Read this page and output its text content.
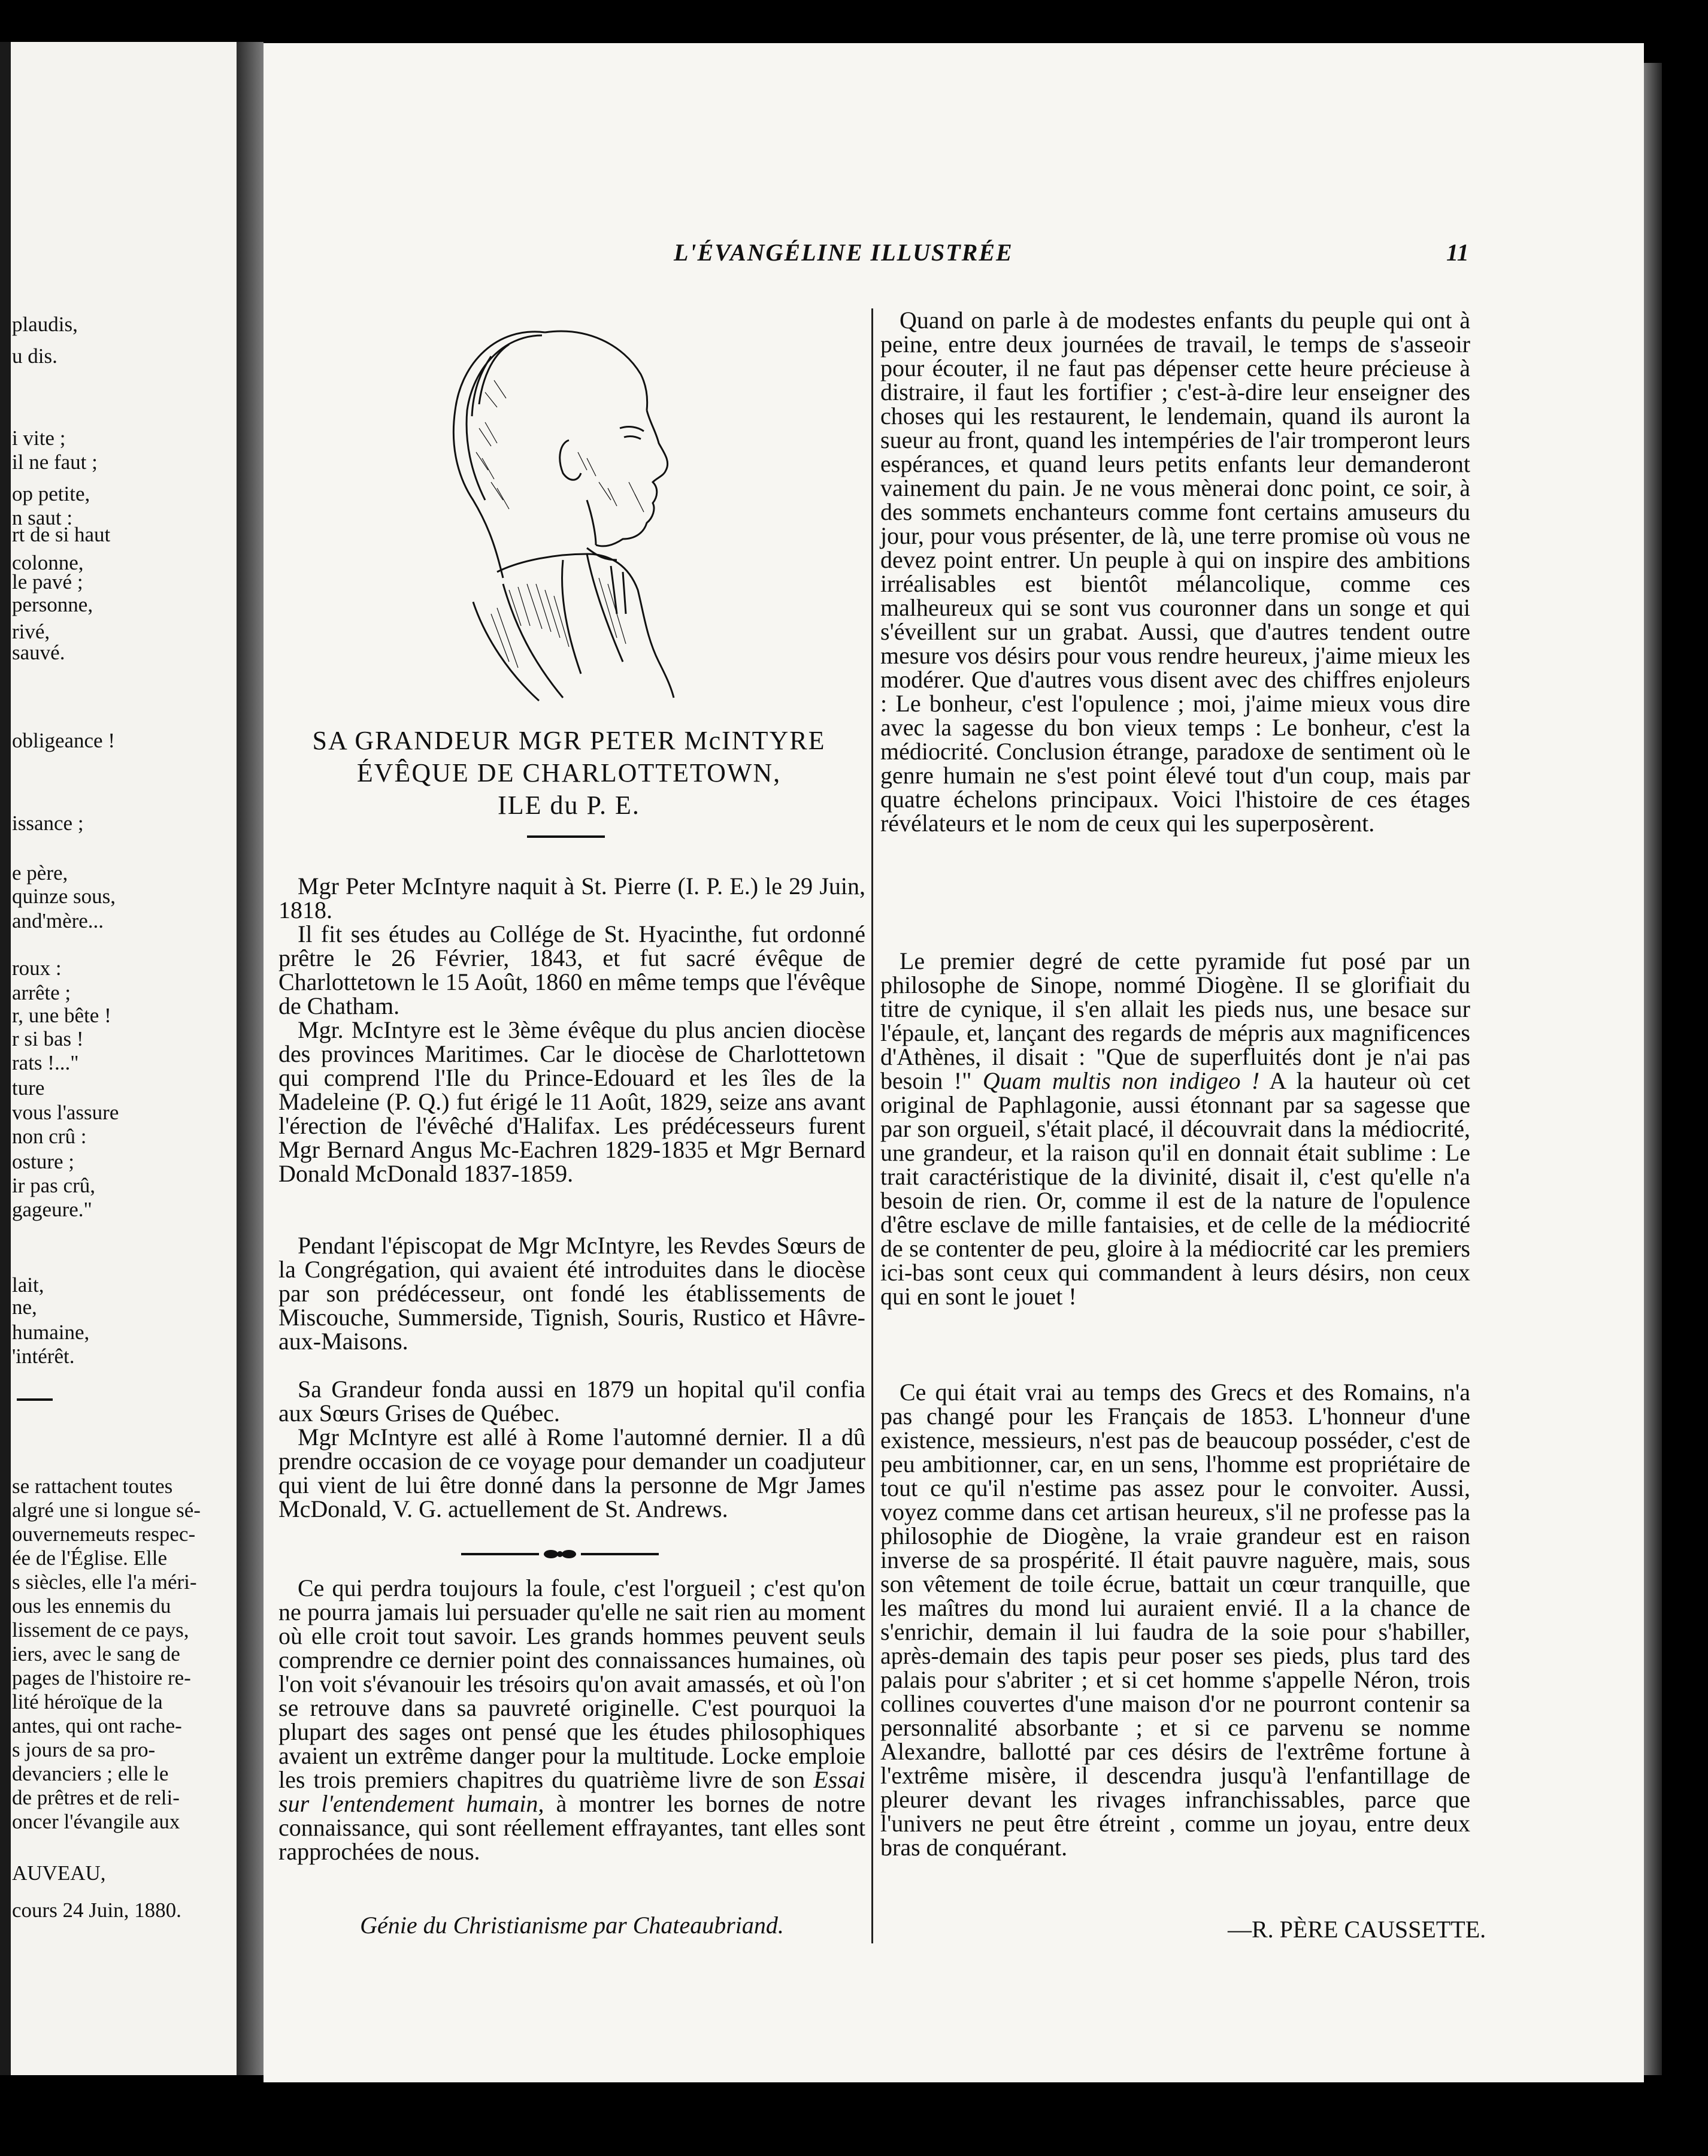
plaudis,
u dis.
i vite ;
il ne faut ;
op petite,
n saut :
rt de si haut
colonne,
le pavé ;
personne,
rivé,
sauvé.
obligeance !
issance ;
e père,
quinze sous,
and'mère...
roux :
arrête ;
r, une bête !
r si bas !
rats !..."
ture
vous l'assure
non crû :
osture ;
ir pas crû,
gageure."
lait,
ne,
humaine,
'intérêt.
se rattachent toutes
algré une si longue sé-
ouvernemeuts respec-
ée de l'Église. Elle
s siècles, elle l'a méri-
ous les ennemis du
lissement de ce pays,
iers, avec le sang de
pages de l'histoire re-
lité héroïque de la
antes, qui ont rache-
s jours de sa pro-
devanciers ; elle le
de prêtres et de reli-
oncer l'évangile aux
AUVEAU,
cours 24 Juin, 1880.
L'ÉVANGÉLINE ILLUSTRÉE	11
SA GRANDEUR MGR PETER McINTYRE
ÉVÊQUE DE CHARLOTTETOWN,
ILE du P. E.
Mgr Peter McIntyre naquit à St. Pierre (I. P. E.) le 29 Juin, 1818.
Il fit ses études au Collége de St. Hyacinthe, fut ordonné prêtre le 26 Février, 1843, et fut sacré évêque de Charlottetown le 15 Août, 1860 en même temps que l'évêque de Chatham.
Mgr. McIntyre est le 3ème évêque du plus ancien diocèse des provinces Maritimes. Car le diocèse de Charlottetown qui comprend l'Ile du Prince-Edouard et les îles de la Madeleine (P. Q.) fut érigé le 11 Août, 1829, seize ans avant l'érection de l'évêché d'Halifax. Les prédécesseurs furent Mgr Bernard Angus Mc-Eachren 1829-1835 et Mgr Bernard Donald McDonald 1837-1859.
Pendant l'épiscopat de Mgr McIntyre, les Revdes Sœurs de la Congrégation, qui avaient été introduites dans le diocèse par son prédécesseur, ont fondé les établissements de Miscouche, Summerside, Tignish, Souris, Rustico et Hâvre-aux-Maisons.
Sa Grandeur fonda aussi en 1879 un hopital qu'il confia aux Sœurs Grises de Québec.
Mgr McIntyre est allé à Rome l'automné dernier. Il a dû prendre occasion de ce voyage pour demander un coadjuteur qui vient de lui être donné dans la personne de Mgr James McDonald, V. G. actuellement de St. Andrews.
Ce qui perdra toujours la foule, c'est l'orgueil ; c'est qu'on ne pourra jamais lui persuader qu'elle ne sait rien au moment où elle croit tout savoir. Les grands hommes peuvent seuls comprendre ce dernier point des connaissances humaines, où l'on voit s'évanouir les trésoirs qu'on avait amassés, et où l'on se retrouve dans sa pauvreté originelle. C'est pourquoi la plupart des sages ont pensé que les études philosophiques avaient un extrême danger pour la multitude. Locke emploie les trois premiers chapitres du quatrième livre de son Essai sur l'entendement humain, à montrer les bornes de notre connaissance, qui sont réellement effrayantes, tant elles sont rapprochées de nous.
Génie du Christianisme par Chateaubriand.
Quand on parle à de modestes enfants du peuple qui ont à peine, entre deux journées de travail, le temps de s'asseoir pour écouter, il ne faut pas dépenser cette heure précieuse à distraire, il faut les fortifier ; c'est-à-dire leur enseigner des choses qui les restaurent, le lendemain, quand ils auront la sueur au front, quand les intempéries de l'air tromperont leurs espérances, et quand leurs petits enfants leur demanderont vainement du pain. Je ne vous mènerai donc point, ce soir, à des sommets enchanteurs comme font certains amuseurs du jour, pour vous présenter, de là, une terre promise où vous ne devez point entrer. Un peuple à qui on inspire des ambitions irréalisables est bientôt mélancolique, comme ces malheureux qui se sont vus couronner dans un songe et qui s'éveillent sur un grabat. Aussi, que d'autres tendent outre mesure vos désirs pour vous rendre heureux, j'aime mieux les modérer. Que d'autres vous disent avec des chiffres enjoleurs : Le bonheur, c'est l'opulence ; moi, j'aime mieux vous dire avec la sagesse du bon vieux temps : Le bonheur, c'est la médiocrité. Conclusion étrange, paradoxe de sentiment où le genre humain ne s'est point élevé tout d'un coup, mais par quatre échelons principaux. Voici l'histoire de ces étages révélateurs et le nom de ceux qui les superposèrent.
Le premier degré de cette pyramide fut posé par un philosophe de Sinope, nommé Diogène. Il se glorifiait du titre de cynique, il s'en allait les pieds nus, une besace sur l'épaule, et, lançant des regards de mépris aux magnificences d'Athènes, il disait : "Que de superfluités dont je n'ai pas besoin !" Quam multis non indigeo ! A la hauteur où cet original de Paphlagonie, aussi étonnant par sa sagesse que par son orgueil, s'était placé, il découvrait dans la médiocrité, une grandeur, et la raison qu'il en donnait était sublime : Le trait caractéristique de la divinité, disait il, c'est qu'elle n'a besoin de rien. Or, comme il est de la nature de l'opulence d'être esclave de mille fantaisies, et de celle de la médiocrité de se contenter de peu, gloire à la médiocrité car les premiers ici-bas sont ceux qui commandent à leurs désirs, non ceux qui en sont le jouet !
Ce qui était vrai au temps des Grecs et des Romains, n'a pas changé pour les Français de 1853. L'honneur d'une existence, messieurs, n'est pas de beaucoup posséder, c'est de peu ambitionner, car, en un sens, l'homme est propriétaire de tout ce qu'il n'estime pas assez pour le convoiter. Aussi, voyez comme dans cet artisan heureux, s'il ne professe pas la philosophie de Diogène, la vraie grandeur est en raison inverse de sa prospérité. Il était pauvre naguère, mais, sous son vêtement de toile écrue, battait un cœur tranquille, que les maîtres du mond lui auraient envié. Il a la chance de s'enrichir, demain il lui faudra de la soie pour s'habiller, après-demain des tapis peur poser ses pieds, plus tard des palais pour s'abriter ; et si cet homme s'appelle Néron, trois collines couvertes d'une maison d'or ne pourront contenir sa personnalité absorbante ; et si ce parvenu se nomme Alexandre, ballotté par ces désirs de l'extrême fortune à l'extrême misère, il descendra jusqu'à l'enfantillage de pleurer devant les rivages infranchissables, parce que l'univers ne peut être étreint , comme un joyau, entre deux bras de conquérant.
—R. PÈRE CAUSSETTE.
